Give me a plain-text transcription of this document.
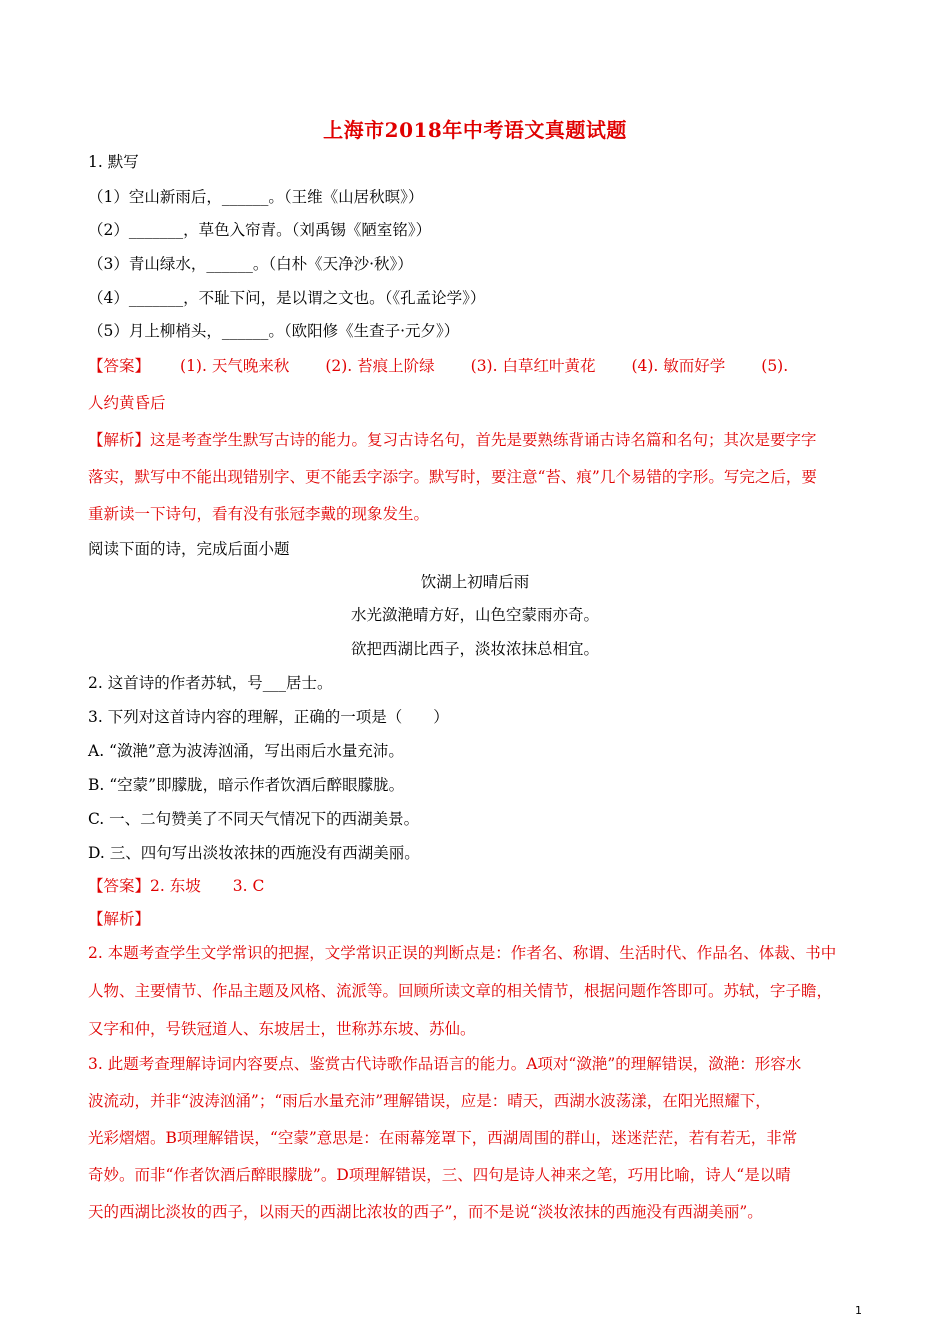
上海市2018年中考语文真题试题
1. 默写
（1）空山新雨后，______。（王维《山居秋暝》）
（2）_______，草色入帘青。（刘禹锡《陋室铭》）
（3）青山绿水，______。（白朴《天净沙·秋》）
（4）_______，不耻下问，是以谓之文也。（《孔孟论学》）
（5）月上柳梢头，______。（欧阳修《生查子·元夕》）
【答案】 (1). 天气晚来秋 (2). 苔痕上阶绿 (3). 白草红叶黄花 (4). 敏而好学 (5).
人约黄昏后
【解析】这是考查学生默写古诗的能力。复习古诗名句，首先是要熟练背诵古诗名篇和名句；其次是要字字
落实，默写中不能出现错别字、更不能丢字添字。默写时，要注意“苔、痕”几个易错的字形。写完之后，要
重新读一下诗句，看有没有张冠李戴的现象发生。
阅读下面的诗，完成后面小题
饮湖上初晴后雨
水光潋滟晴方好，山色空蒙雨亦奇。
欲把西湖比西子，淡妆浓抹总相宜。
2. 这首诗的作者苏轼，号___居士。
3. 下列对这首诗内容的理解，正确的一项是（　　）
A. “潋滟”意为波涛汹涌，写出雨后水量充沛。
B. “空蒙”即朦胧，暗示作者饮酒后醉眼朦胧。
C. 一、二句赞美了不同天气情况下的西湖美景。
D. 三、四句写出淡妆浓抹的西施没有西湖美丽。
【答案】2. 东坡 3. C
【解析】
2. 本题考查学生文学常识的把握，文学常识正误的判断点是：作者名、称谓、生活时代、作品名、体裁、书中
人物、主要情节、作品主题及风格、流派等。回顾所读文章的相关情节，根据问题作答即可。苏轼，字子瞻，
又字和仲，号铁冠道人、东坡居士，世称苏东坡、苏仙。
3. 此题考查理解诗词内容要点、鉴赏古代诗歌作品语言的能力。A项对“潋滟”的理解错误，潋滟：形容水
波流动，并非“波涛汹涌”；“雨后水量充沛”理解错误，应是：晴天，西湖水波荡漾，在阳光照耀下，
光彩熠熠。B项理解错误，“空蒙”意思是：在雨幕笼罩下，西湖周围的群山，迷迷茫茫，若有若无，非常
奇妙。而非“作者饮酒后醉眼朦胧”。D项理解错误，三、四句是诗人神来之笔，巧用比喻，诗人“是以晴
天的西湖比淡妆的西子，以雨天的西湖比浓妆的西子”，而不是说“淡妆浓抹的西施没有西湖美丽”。
1
